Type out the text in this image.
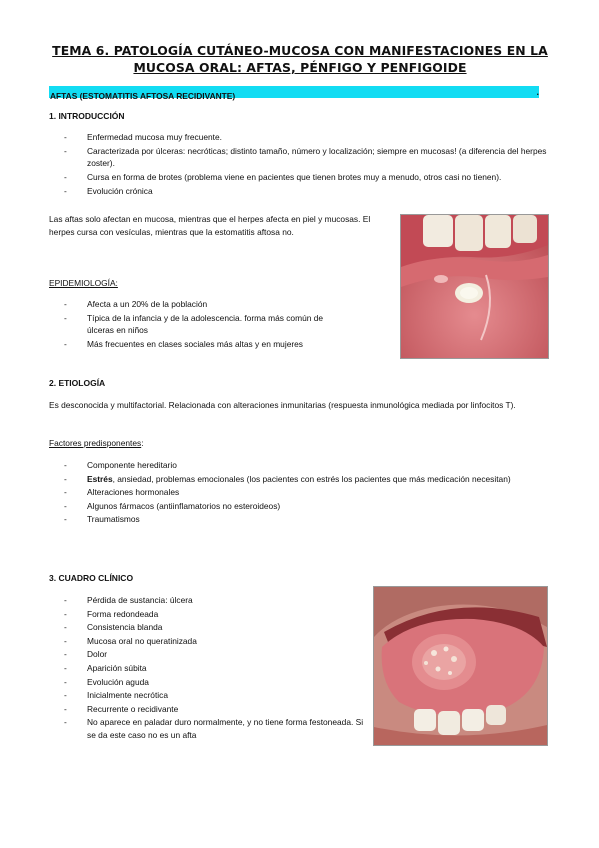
TEMA 6. PATOLOGÍA CUTÁNEO-MUCOSA CON MANIFESTACIONES EN LA MUCOSA ORAL: AFTAS, PÉNFIGO Y PENFIGOIDE
AFTAS (ESTOMATITIS AFTOSA RECIDIVANTE)	.
1. INTRODUCCIÓN
- Enfermedad mucosa muy frecuente.
- Caracterizada por úlceras: necróticas; distinto tamaño, número y localización; siempre en mucosas! (a diferencia del herpes zoster).
- Cursa en forma de brotes (problema viene en pacientes que tienen brotes muy a menudo, otros casi no tienen).
- Evolución crónica
Las aftas solo afectan en mucosa, mientras que el herpes afecta en piel y mucosas. El herpes cursa con vesículas, mientras que la estomatitis aftosa no.
EPIDEMIOLOGÍA:
- Afecta a un 20% de la población
- Típica de la infancia y de la adolescencia. forma más común de úlceras en niños
- Más frecuentes en clases sociales más altas y en mujeres
2. ETIOLOGÍA
Es desconocida y multifactorial. Relacionada con alteraciones inmunitarias (respuesta inmunológica mediada por linfocitos T).
Factores predisponentes:
- Componente hereditario
- Estrés, ansiedad, problemas emocionales (los pacientes con estrés los pacientes que más medicación necesitan)
- Alteraciones hormonales
- Algunos fármacos (antiinflamatorios no esteroideos)
- Traumatismos
3. CUADRO CLÍNICO
- Pérdida de sustancia: úlcera
- Forma redondeada
- Consistencia blanda
- Mucosa oral no queratinizada
- Dolor
- Aparición súbita
- Evolución aguda
- Inicialmente necrótica
- Recurrente o recidivante
- No aparece en paladar duro normalmente, y no tiene forma festoneada. Si se da este caso no es un afta
